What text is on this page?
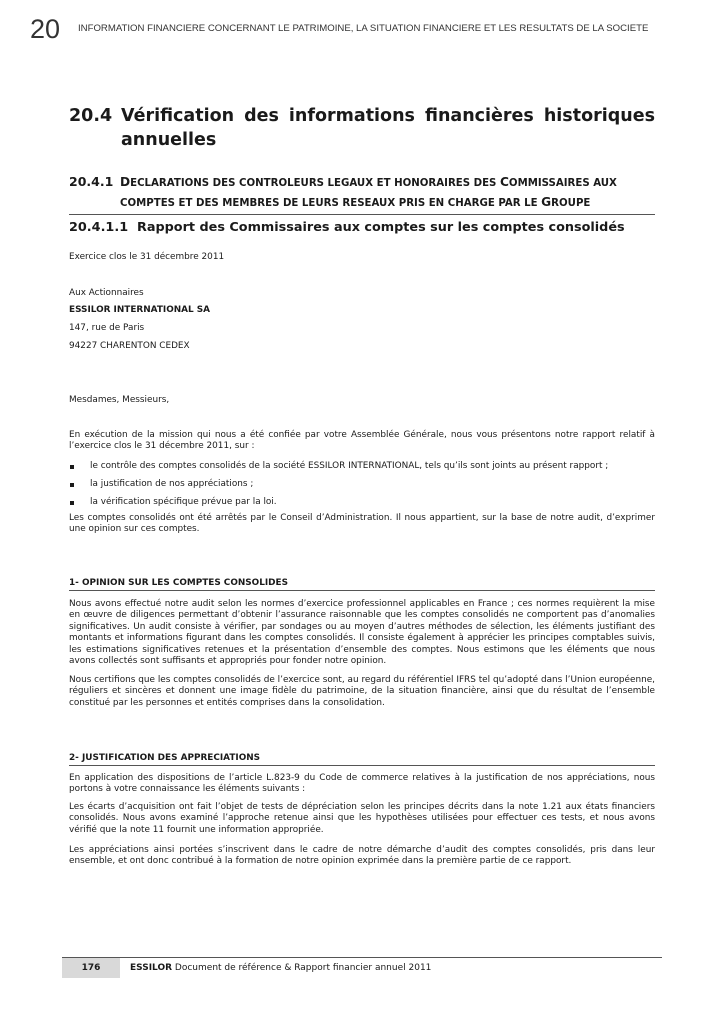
20 INFORMATION FINANCIERE CONCERNANT LE PATRIMOINE, LA SITUATION FINANCIERE ET LES RESULTATS DE LA SOCIETE
20.4 Vérification des informations financières historiques
annuelles
20.4.1 DECLARATIONS DES CONTROLEURS LEGAUX ET HONORAIRES DES COMMISSAIRES AUX
COMPTES ET DES MEMBRES DE LEURS RESEAUX PRIS EN CHARGE PAR LE GROUPE
20.4.1.1 Rapport des Commissaires aux comptes sur les comptes consolidés
Exercice clos le 31 décembre 2011
Aux Actionnaires
ESSILOR INTERNATIONAL SA
147, rue de Paris
94227 CHARENTON CEDEX
Mesdames, Messieurs,
En exécution de la mission qui nous a été confiée par votre Assemblée Générale, nous vous présentons notre rapport relatif à l’exercice clos le 31 décembre 2011, sur :
le contrôle des comptes consolidés de la société ESSILOR INTERNATIONAL, tels qu’ils sont joints au présent rapport ;
la justification de nos appréciations ;
la vérification spécifique prévue par la loi.
Les comptes consolidés ont été arrêtés par le Conseil d’Administration. Il nous appartient, sur la base de notre audit, d’exprimer une opinion sur ces comptes.
1- OPINION SUR LES COMPTES CONSOLIDES
Nous avons effectué notre audit selon les normes d’exercice professionnel applicables en France ; ces normes requièrent la mise en œuvre de diligences permettant d’obtenir l’assurance raisonnable que les comptes consolidés ne comportent pas d’anomalies significatives. Un audit consiste à vérifier, par sondages ou au moyen d’autres méthodes de sélection, les éléments justifiant des montants et informations figurant dans les comptes consolidés. Il consiste également à apprécier les principes comptables suivis, les estimations significatives retenues et la présentation d’ensemble des comptes. Nous estimons que les éléments que nous avons collectés sont suffisants et appropriés pour fonder notre opinion.
Nous certifions que les comptes consolidés de l’exercice sont, au regard du référentiel IFRS tel qu’adopté dans l’Union européenne, réguliers et sincères et donnent une image fidèle du patrimoine, de la situation financière, ainsi que du résultat de l’ensemble constitué par les personnes et entités comprises dans la consolidation.
2- JUSTIFICATION DES APPRECIATIONS
En application des dispositions de l’article L.823-9 du Code de commerce relatives à la justification de nos appréciations, nous portons à votre connaissance les éléments suivants :
Les écarts d’acquisition ont fait l’objet de tests de dépréciation selon les principes décrits dans la note 1.21 aux états financiers consolidés. Nous avons examiné l’approche retenue ainsi que les hypothèses utilisées pour effectuer ces tests, et nous avons vérifié que la note 11 fournit une information appropriée.
Les appréciations ainsi portées s’inscrivent dans le cadre de notre démarche d’audit des comptes consolidés, pris dans leur ensemble, et ont donc contribué à la formation de notre opinion exprimée dans la première partie de ce rapport.
176	ESSILOR Document de référence & Rapport financier annuel 2011
